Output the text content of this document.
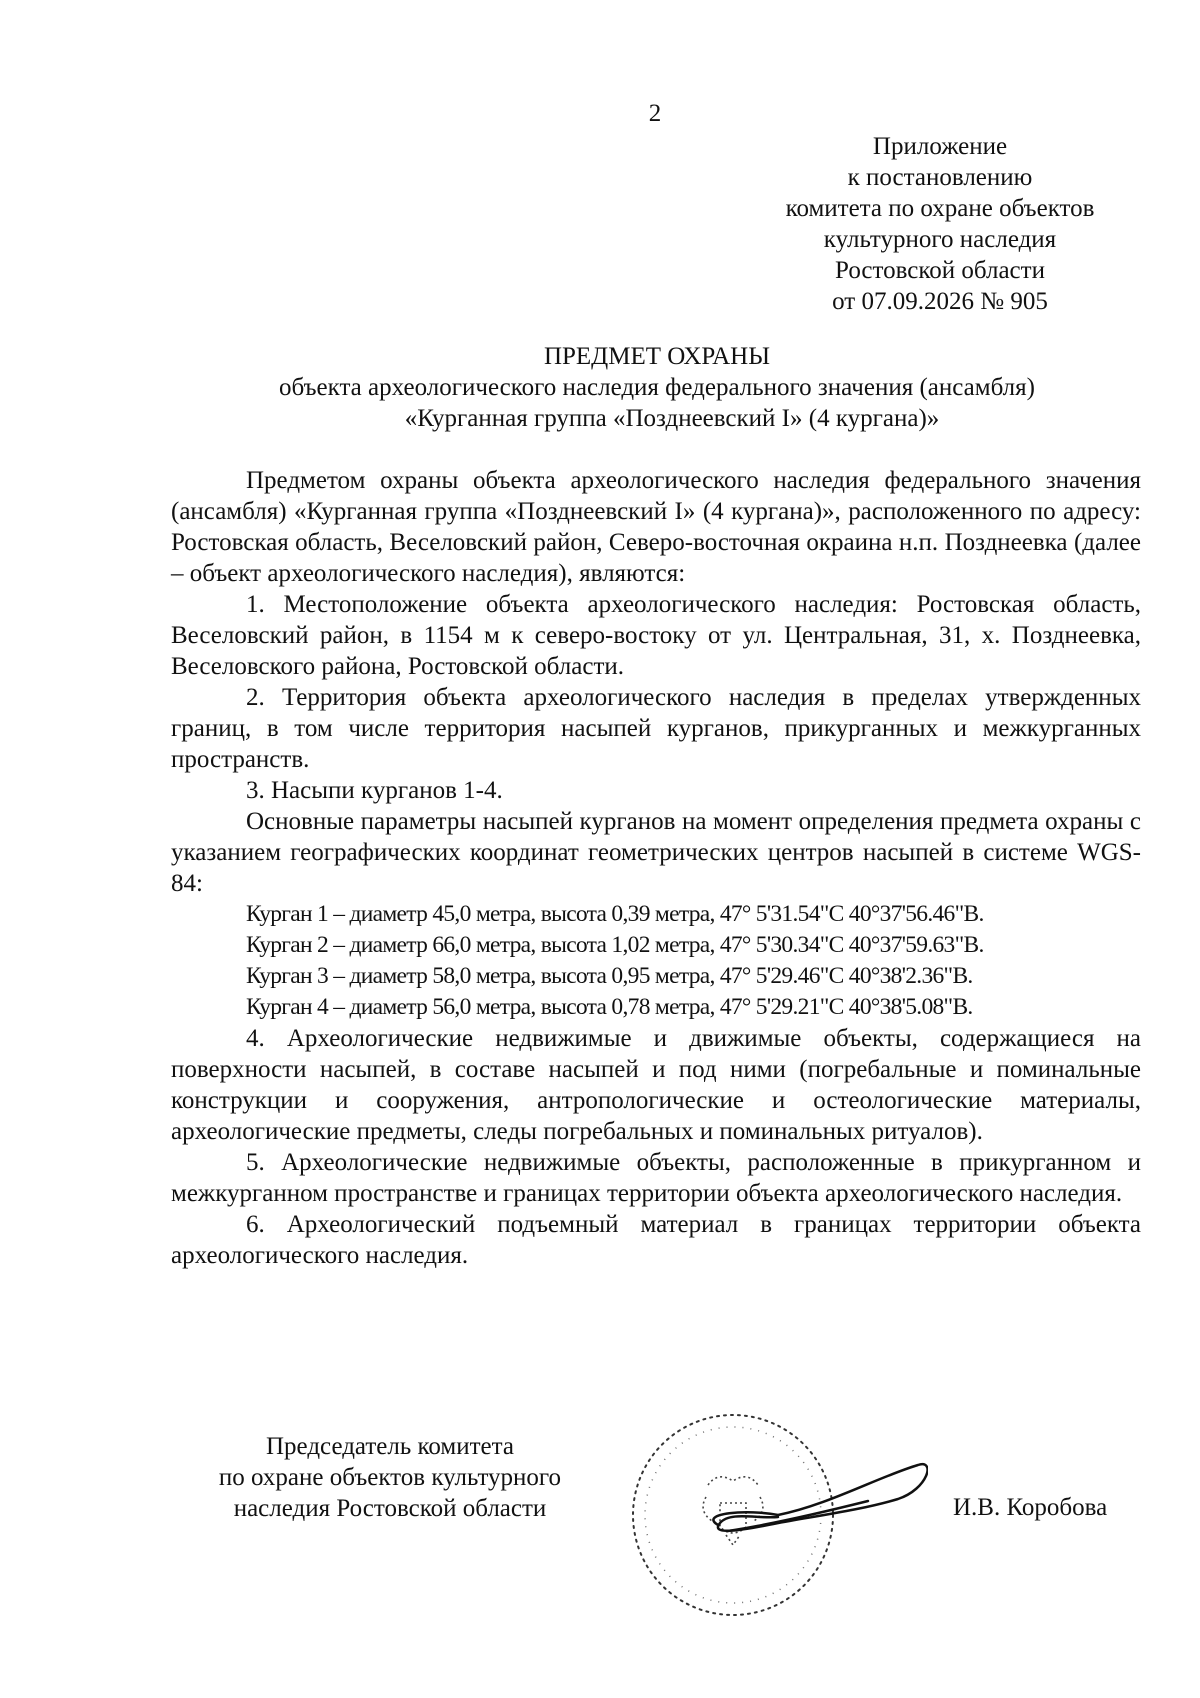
2
Приложение
к постановлению
комитета по охране объектов
культурного наследия
Ростовской области
от 07.09.2026 № 905
ПРЕДМЕТ ОХРАНЫ
объекта археологического наследия федерального значения (ансамбля)
«Курганная группа «Позднеевский I» (4 кургана)»

Предметом охраны объекта археологического наследия федерального значения (ансамбля) «Курганная группа «Позднеевский I» (4 кургана)», расположенного по адресу: Ростовская область, Веселовский район, Северо-восточная окраина н.п. Позднеевка (далее – объект археологического наследия), являются:

1. Местоположение объекта археологического наследия: Ростовская область, Веселовский район, в 1154 м к северо-востоку от ул. Центральная, 31, х. Позднеевка, Веселовского района, Ростовской области.

2. Территория объекта археологического наследия в пределах утвержденных границ, в том числе территория насыпей курганов, прикурганных и межкурганных пространств.

3. Насыпи курганов 1-4.

Основные параметры насыпей курганов на момент определения предмета охраны с указанием географических координат геометрических центров насыпей в системе WGS-84:

Курган 1 – диаметр 45,0 метра, высота 0,39 метра, 47° 5'31.54"С 40°37'56.46"В.

Курган 2 – диаметр 66,0 метра, высота 1,02 метра, 47° 5'30.34"С 40°37'59.63"В.

Курган 3 – диаметр 58,0 метра, высота 0,95 метра, 47° 5'29.46"С 40°38'2.36"В.

Курган 4 – диаметр 56,0 метра, высота 0,78 метра, 47° 5'29.21"С 40°38'5.08"В.

4. Археологические недвижимые и движимые объекты, содержащиеся на поверхности насыпей, в составе насыпей и под ними (погребальные и поминальные конструкции и сооружения, антропологические и остеологические материалы, археологические предметы, следы погребальных и поминальных ритуалов).

5. Археологические недвижимые объекты, расположенные в прикурганном и межкурганном пространстве и границах территории объекта археологического наследия.

6. Археологический подъемный материал в границах территории объекта археологического наследия.

Председатель комитета
по охране объектов культурного
наследия Ростовской области	И.В. Коробова
